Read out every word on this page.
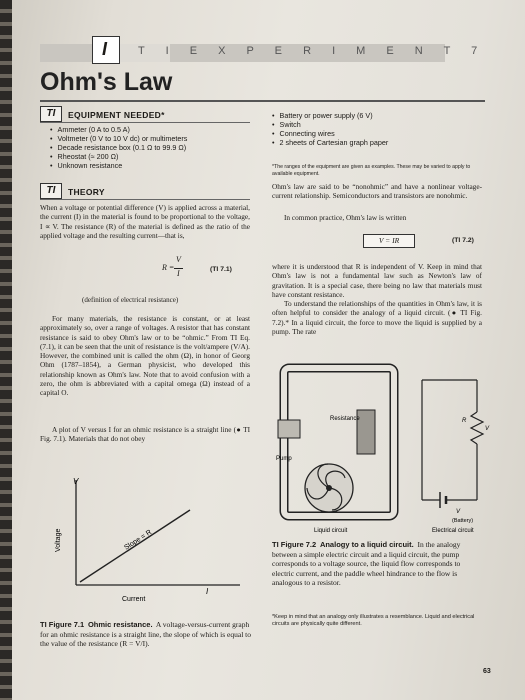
I	T I E X P E R I M E N T 7
Ohm's Law
TI	EQUIPMENT NEEDED*
• Ammeter (0 A to 0.5 A)
• Voltmeter (0 V to 10 V dc) or multimeters
• Decade resistance box (0.1 Ω to 99.9 Ω)
• Rheostat (≈ 200 Ω)
• Unknown resistance
• Battery or power supply (6 V)
• Switch
• Connecting wires
• 2 sheets of Cartesian graph paper
*The ranges of the equipment are given as examples. These may be varied to apply to available equipment.
TI	THEORY
When a voltage or potential difference (V) is applied across a material, the current (I) in the material is found to be proportional to the voltage, I ∝ V. The resistance (R) of the material is defined as the ratio of the applied voltage and the resulting current—that is,
R =
V
I	(TI 7.1)
(definition of electrical resistance)
For many materials, the resistance is constant, or at least approximately so, over a range of voltages. A resistor that has constant resistance is said to obey Ohm's law or to be “ohmic.” From TI Eq. (7.1), it can be seen that the unit of resistance is the volt/ampere (V/A). However, the combined unit is called the ohm (Ω), in honor of Georg Ohm (1787–1854), a German physicist, who developed this relationship known as Ohm's law. Note that to avoid confusion with a zero, the ohm is abbreviated with a capital omega (Ω) instead of a capital O.
A plot of V versus I for an ohmic resistance is a straight line (● TI Fig. 7.1). Materials that do not obey
Ohm's law are said to be “nonohmic” and have a nonlinear voltage-current relationship. Semiconductors and transistors are nonohmic.
In common practice, Ohm's law is written
V = IR	(TI 7.2)
where it is understood that R is independent of V. Keep in mind that Ohm's law is not a fundamental law such as Newton's law of gravitation. It is a special case, there being no law that materials must have constant resistance.
To understand the relationships of the quantities in Ohm's law, it is often helpful to consider the analogy of a liquid circuit. (● TI Fig. 7.2).* In a liquid circuit, the force to move the liquid is supplied by a pump. The rate
V
I
Voltage
Current
Slope = R
TI Figure 7.1 Ohmic resistance. A voltage-versus-current graph for an ohmic resistance is a straight line, the slope of which is equal to the value of the resistance (R = V/I).
Resistance
Pump
R
V
V
(Battery)
Liquid circuit	Electrical circuit
TI Figure 7.2 Analogy to a liquid circuit. In the analogy between a simple electric circuit and a liquid circuit, the pump corresponds to a voltage source, the liquid flow corresponds to electric current, and the paddle wheel hindrance to the flow is analogous to a resistor.
*Keep in mind that an analogy only illustrates a resemblance. Liquid and electrical circuits are physically quite different.
63
